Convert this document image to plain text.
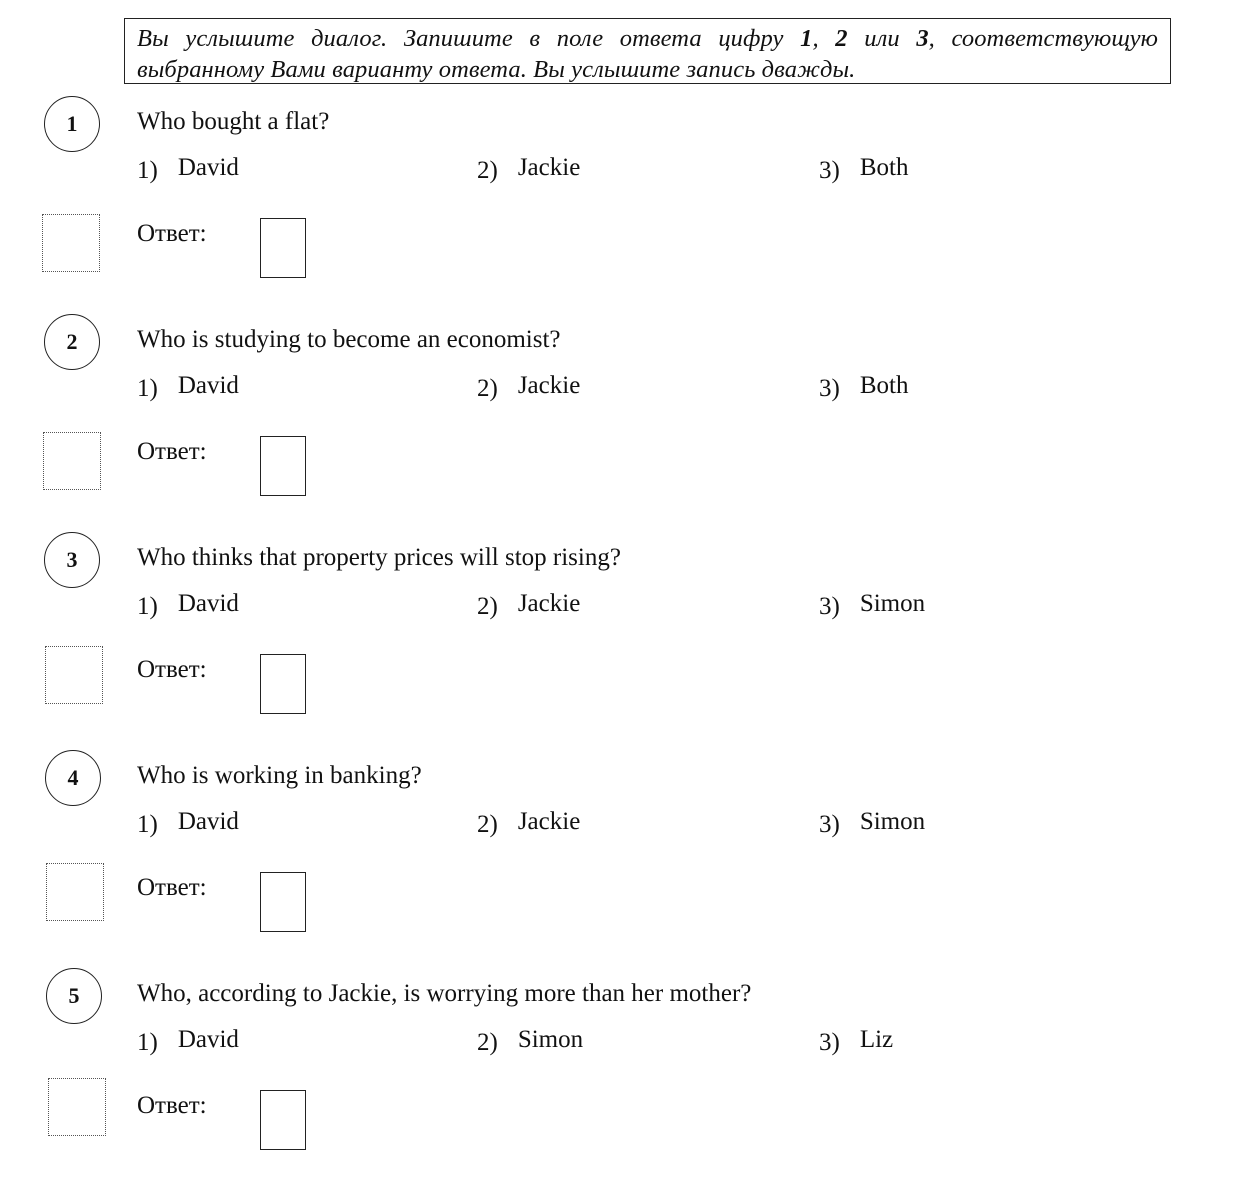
Вы услышите диалог. Запишите в поле ответа цифру 1, 2 или 3, соответствующую выбранному Вами варианту ответа. Вы услышите запись дважды.
1	Who bought a flat?
1) David	2) Jackie	3) Both
Ответ:
2	Who is studying to become an economist?
1) David	2) Jackie	3) Both
Ответ:
3	Who thinks that property prices will stop rising?
1) David	2) Jackie	3) Simon
Ответ:
4	Who is working in banking?
1) David	2) Jackie	3) Simon
Ответ:
5	Who, according to Jackie, is worrying more than her mother?
1) David	2) Simon	3) Liz
Ответ:
